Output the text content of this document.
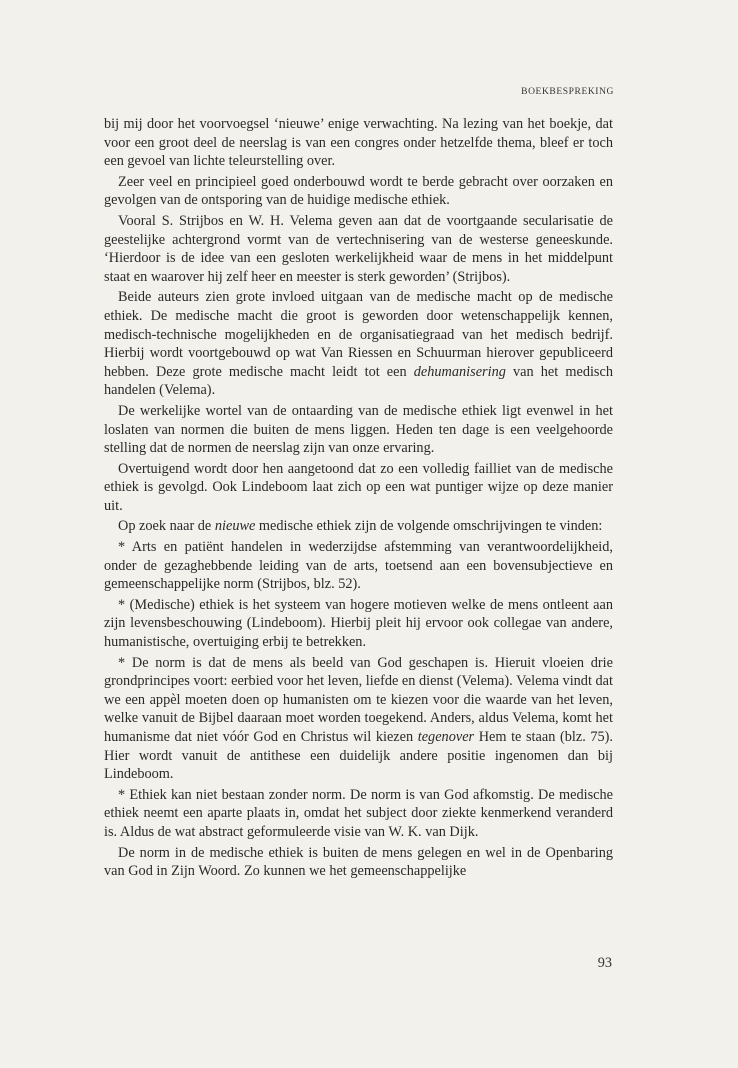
BOEKBESPREKING

bij mij door het voorvoegsel ‘nieuwe’ enige verwachting. Na lezing van het boekje, dat voor een groot deel de neerslag is van een congres onder hetzelfde thema, bleef er toch een gevoel van lichte teleurstelling over.

Zeer veel en principieel goed onderbouwd wordt te berde gebracht over oorzaken en gevolgen van de ontsporing van de huidige medische ethiek.

Vooral S. Strijbos en W. H. Velema geven aan dat de voortgaande secularisatie de geestelijke achtergrond vormt van de vertechnisering van de westerse geneeskunde. ‘Hierdoor is de idee van een gesloten werkelijkheid waar de mens in het middelpunt staat en waarover hij zelf heer en meester is sterk geworden’ (Strijbos).

Beide auteurs zien grote invloed uitgaan van de medische macht op de medische ethiek. De medische macht die groot is geworden door wetenschappelijk kennen, medisch-technische mogelijkheden en de organisatiegraad van het medisch bedrijf. Hierbij wordt voortgebouwd op wat Van Riessen en Schuurman hierover gepubliceerd hebben. Deze grote medische macht leidt tot een dehumanisering van het medisch handelen (Velema).

De werkelijke wortel van de ontaarding van de medische ethiek ligt evenwel in het loslaten van normen die buiten de mens liggen. Heden ten dage is een veelgehoorde stelling dat de normen de neerslag zijn van onze ervaring.

Overtuigend wordt door hen aangetoond dat zo een volledig failliet van de medische ethiek is gevolgd. Ook Lindeboom laat zich op een wat puntiger wijze op deze manier uit.

Op zoek naar de nieuwe medische ethiek zijn de volgende omschrijvingen te vinden:

* Arts en patiënt handelen in wederzijdse afstemming van verantwoordelijkheid, onder de gezaghebbende leiding van de arts, toetsend aan een bovensubjectieve en gemeenschappelijke norm (Strijbos, blz. 52).

* (Medische) ethiek is het systeem van hogere motieven welke de mens ontleent aan zijn levensbeschouwing (Lindeboom). Hierbij pleit hij ervoor ook collegae van andere, humanistische, overtuiging erbij te betrekken.

* De norm is dat de mens als beeld van God geschapen is. Hieruit vloeien drie grondprincipes voort: eerbied voor het leven, liefde en dienst (Velema). Velema vindt dat we een appèl moeten doen op humanisten om te kiezen voor die waarde van het leven, welke vanuit de Bijbel daaraan moet worden toegekend. Anders, aldus Velema, komt het humanisme dat niet vóór God en Christus wil kiezen tegenover Hem te staan (blz. 75). Hier wordt vanuit de antithese een duidelijk andere positie ingenomen dan bij Lindeboom.

* Ethiek kan niet bestaan zonder norm. De norm is van God afkomstig. De medische ethiek neemt een aparte plaats in, omdat het subject door ziekte kenmerkend veranderd is. Aldus de wat abstract geformuleerde visie van W. K. van Dijk.

De norm in de medische ethiek is buiten de mens gelegen en wel in de Openbaring van God in Zijn Woord. Zo kunnen we het gemeenschappelijke

93
